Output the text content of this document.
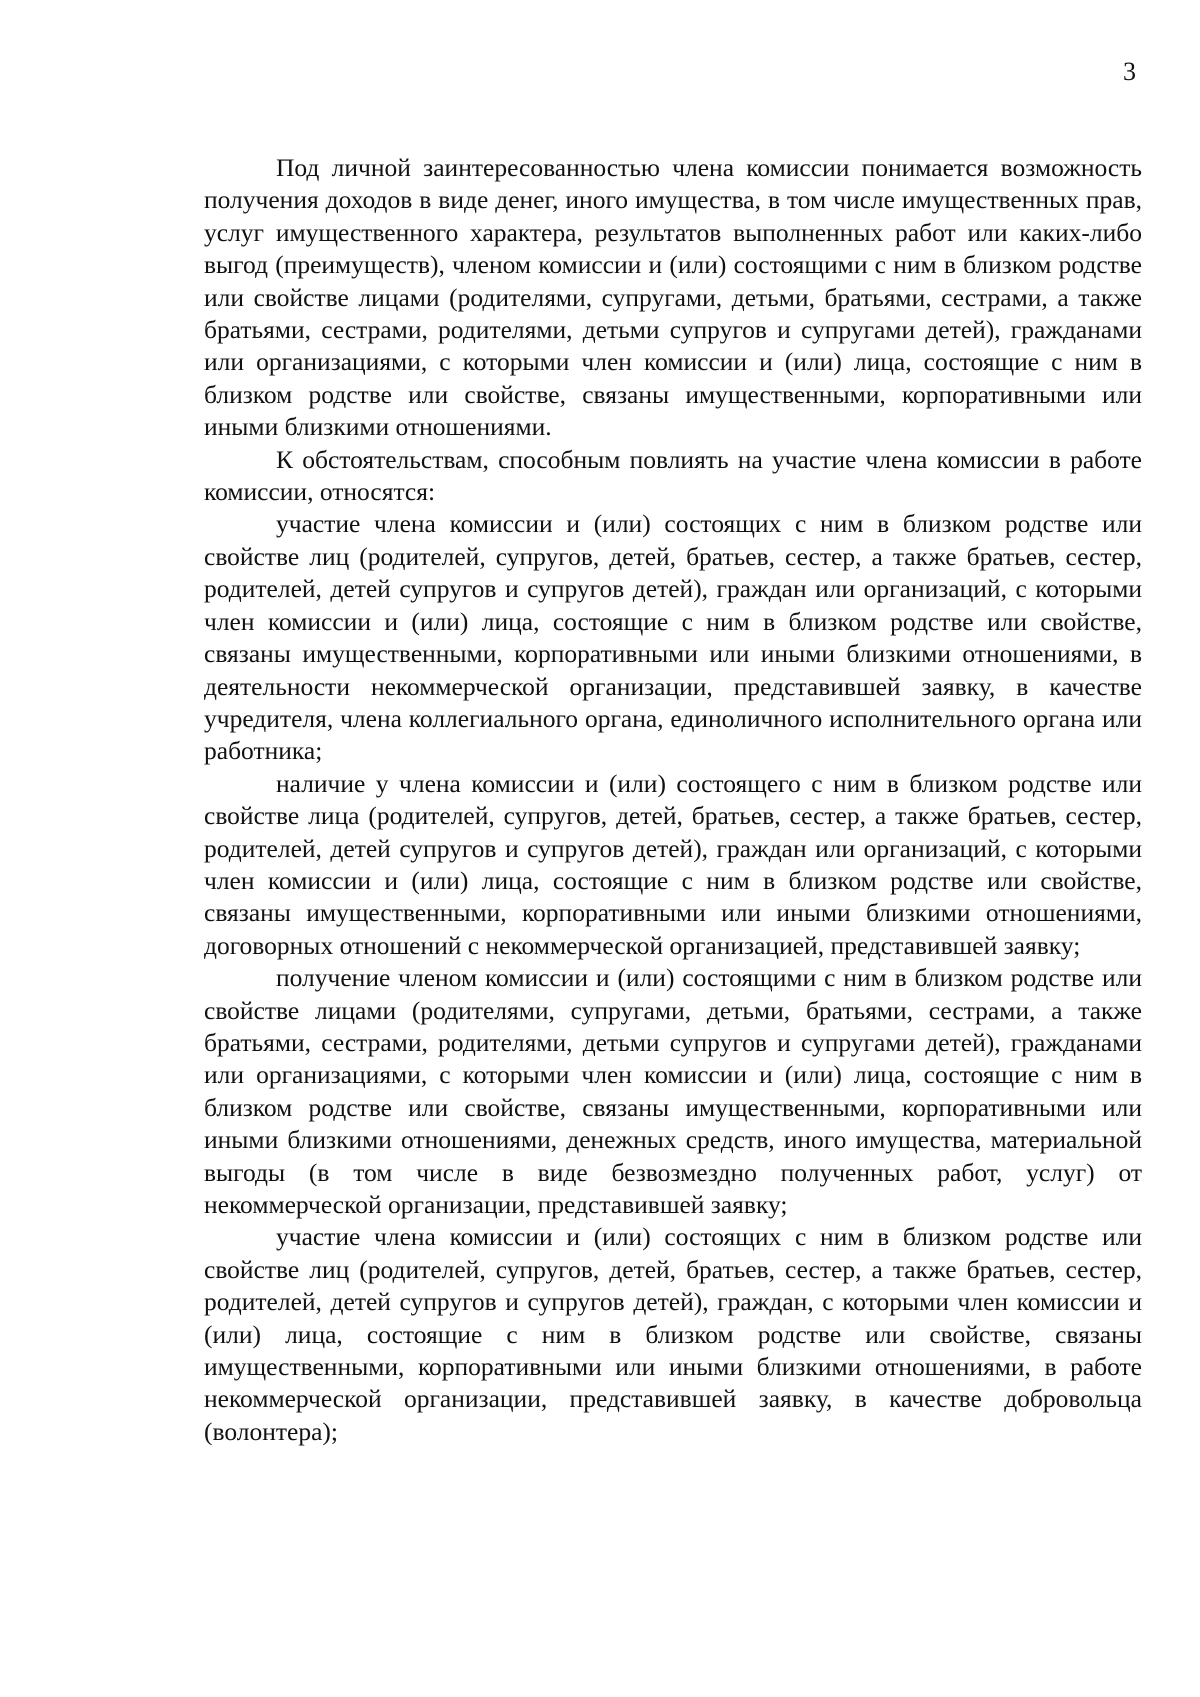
3

Под личной заинтересованностью члена комиссии понимается возможность получения доходов в виде денег, иного имущества, в том числе имущественных прав, услуг имущественного характера, результатов выполненных работ или каких-либо выгод (преимуществ), членом комиссии и (или) состоящими с ним в близком родстве или свойстве лицами (родителями, супругами, детьми, братьями, сестрами, а также братьями, сестрами, родителями, детьми супругов и супругами детей), гражданами или организациями, с которыми член комиссии и (или) лица, состоящие с ним в близком родстве или свойстве, связаны имущественными, корпоративными или иными близкими отношениями.

К обстоятельствам, способным повлиять на участие члена комиссии в работе комиссии, относятся:

участие члена комиссии и (или) состоящих с ним в близком родстве или свойстве лиц (родителей, супругов, детей, братьев, сестер, а также братьев, сестер, родителей, детей супругов и супругов детей), граждан или организаций, с которыми член комиссии и (или) лица, состоящие с ним в близком родстве или свойстве, связаны имущественными, корпоративными или иными близкими отношениями, в деятельности некоммерческой организации, представившей заявку, в качестве учредителя, члена коллегиального органа, единоличного исполнительного органа или работника;

наличие у члена комиссии и (или) состоящего с ним в близком родстве или свойстве лица (родителей, супругов, детей, братьев, сестер, а также братьев, сестер, родителей, детей супругов и супругов детей), граждан или организаций, с которыми член комиссии и (или) лица, состоящие с ним в близком родстве или свойстве, связаны имущественными, корпоративными или иными близкими отношениями, договорных отношений с некоммерческой организацией, представившей заявку;

получение членом комиссии и (или) состоящими с ним в близком родстве или свойстве лицами (родителями, супругами, детьми, братьями, сестрами, а также братьями, сестрами, родителями, детьми супругов и супругами детей), гражданами или организациями, с которыми член комиссии и (или) лица, состоящие с ним в близком родстве или свойстве, связаны имущественными, корпоративными или иными близкими отношениями, денежных средств, иного имущества, материальной выгоды (в том числе в виде безвозмездно полученных работ, услуг) от некоммерческой организации, представившей заявку;

участие члена комиссии и (или) состоящих с ним в близком родстве или свойстве лиц (родителей, супругов, детей, братьев, сестер, а также братьев, сестер, родителей, детей супругов и супругов детей), граждан, с которыми член комиссии и (или) лица, состоящие с ним в близком родстве или свойстве, связаны имущественными, корпоративными или иными близкими отношениями, в работе некоммерческой организации, представившей заявку, в качестве добровольца (волонтера);
